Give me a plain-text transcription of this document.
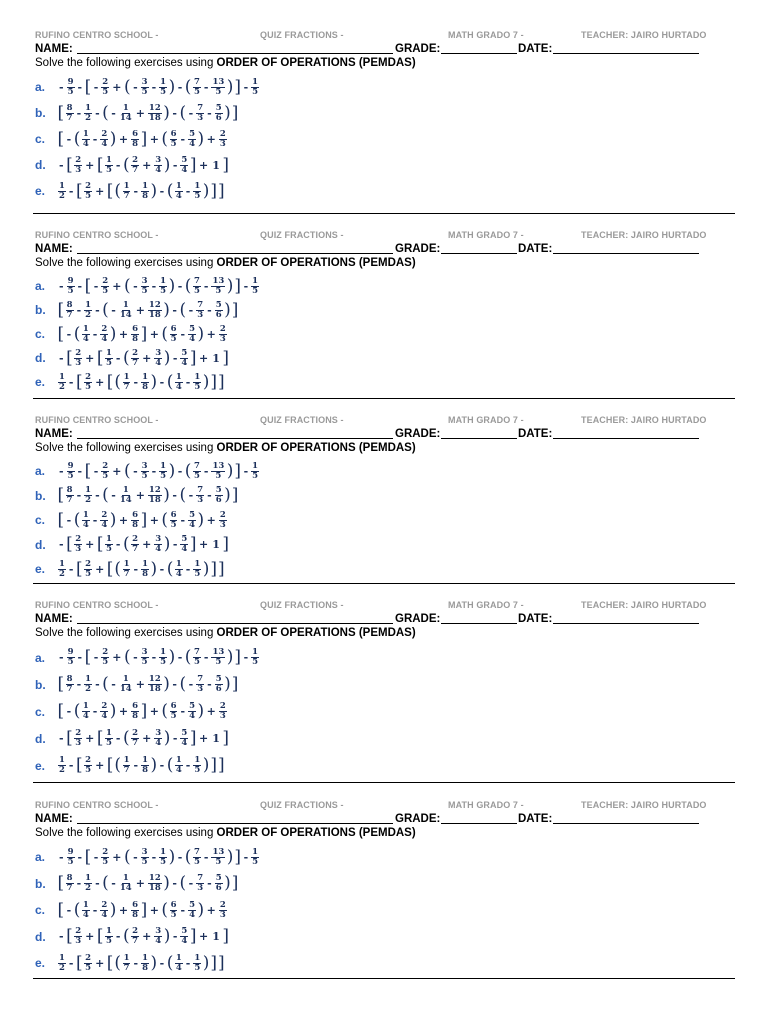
RUFINO CENTRO SCHOOL -	QUIZ FRACTIONS -	MATH GRADO 7 -	TEACHER: JAIRO HURTADO
NAME:	GRADE:	DATE:
Solve the following exercises using ORDER OF OPERATIONS (PEMDAS)
a.	- $\frac{9}{5}$ - [ - $\frac{2}{5}$ + ( - $\frac{3}{5} - \frac{1}{5}$ ) - ( $\frac{7}{5} - \frac{13}{5}$ ) ] - $\frac{1}{5}$
b. [ $\frac{8}{7} - \frac{1}{2}$ - ( - $\frac{1}{14} + \frac{12}{18}$ ) - ( - $\frac{7}{3} - \frac{5}{6}$ ) ]
c. [ - ( $\frac{1}{4} - \frac{2}{4}$ ) + $\frac{6}{8}$ ] + ( $\frac{6}{5} - \frac{5}{4}$ ) + $\frac{2}{3}$
d.	- [ $\frac{2}{3}$ + [ $\frac{1}{5}$ - ( $\frac{2}{7} + \frac{3}{4}$ ) - $\frac{5}{4}$ ] + 1 ]
e.	$\frac{1}{2}$ - [ $\frac{2}{5}$ + [ ( $\frac{1}{7} - \frac{1}{8}$ ) - ( $\frac{1}{4} - \frac{1}{5}$ ) ] ]
RUFINO CENTRO SCHOOL -	QUIZ FRACTIONS -	MATH GRADO 7 -	TEACHER: JAIRO HURTADO
NAME:	GRADE:	DATE:
Solve the following exercises using ORDER OF OPERATIONS (PEMDAS)
a.	- $\frac{9}{5}$ - [ - $\frac{2}{5}$ + ( - $\frac{3}{5} - \frac{1}{5}$ ) - ( $\frac{7}{5} - \frac{13}{5}$ ) ] - $\frac{1}{5}$
b. [ $\frac{8}{7} - \frac{1}{2}$ - ( - $\frac{1}{14} + \frac{12}{18}$ ) - ( - $\frac{7}{3} - \frac{5}{6}$ ) ]
c. [ - ( $\frac{1}{4} - \frac{2}{4}$ ) + $\frac{6}{8}$ ] + ( $\frac{6}{5} - \frac{5}{4}$ ) + $\frac{2}{3}$
d.	- [ $\frac{2}{3}$ + [ $\frac{1}{5}$ - ( $\frac{2}{7} + \frac{3}{4}$ ) - $\frac{5}{4}$ ] + 1 ]
e.	$\frac{1}{2}$ - [ $\frac{2}{5}$ + [ ( $\frac{1}{7} - \frac{1}{8}$ ) - ( $\frac{1}{4} - \frac{1}{5}$ ) ] ]
RUFINO CENTRO SCHOOL -	QUIZ FRACTIONS -	MATH GRADO 7 -	TEACHER: JAIRO HURTADO
NAME:	GRADE:	DATE:
Solve the following exercises using ORDER OF OPERATIONS (PEMDAS)
a.	- $\frac{9}{5}$ - [ - $\frac{2}{5}$ + ( - $\frac{3}{5} - \frac{1}{5}$ ) - ( $\frac{7}{5} - \frac{13}{5}$ ) ] - $\frac{1}{5}$
b. [ $\frac{8}{7} - \frac{1}{2}$ - ( - $\frac{1}{14} + \frac{12}{18}$ ) - ( - $\frac{7}{3} - \frac{5}{6}$ ) ]
c. [ - ( $\frac{1}{4} - \frac{2}{4}$ ) + $\frac{6}{8}$ ] + ( $\frac{6}{5} - \frac{5}{4}$ ) + $\frac{2}{3}$
d.	- [ $\frac{2}{3}$ + [ $\frac{1}{5}$ - ( $\frac{2}{7} + \frac{3}{4}$ ) - $\frac{5}{4}$ ] + 1 ]
e.	$\frac{1}{2}$ - [ $\frac{2}{5}$ + [ ( $\frac{1}{7} - \frac{1}{8}$ ) - ( $\frac{1}{4} - \frac{1}{5}$ ) ] ]
RUFINO CENTRO SCHOOL -	QUIZ FRACTIONS -	MATH GRADO 7 -	TEACHER: JAIRO HURTADO
NAME:	GRADE:	DATE:
Solve the following exercises using ORDER OF OPERATIONS (PEMDAS)
a.	- $\frac{9}{5}$ - [ - $\frac{2}{5}$ + ( - $\frac{3}{5} - \frac{1}{5}$ ) - ( $\frac{7}{5} - \frac{13}{5}$ ) ] - $\frac{1}{5}$
b. [ $\frac{8}{7} - \frac{1}{2}$ - ( - $\frac{1}{14} + \frac{12}{18}$ ) - ( - $\frac{7}{3} - \frac{5}{6}$ ) ]
c. [ - ( $\frac{1}{4} - \frac{2}{4}$ ) + $\frac{6}{8}$ ] + ( $\frac{6}{5} - \frac{5}{4}$ ) + $\frac{2}{3}$
d.	- [ $\frac{2}{3}$ + [ $\frac{1}{5}$ - ( $\frac{2}{7} + \frac{3}{4}$ ) - $\frac{5}{4}$ ] + 1 ]
e.	$\frac{1}{2}$ - [ $\frac{2}{5}$ + [ ( $\frac{1}{7} - \frac{1}{8}$ ) - ( $\frac{1}{4} - \frac{1}{5}$ ) ] ]
RUFINO CENTRO SCHOOL -	QUIZ FRACTIONS -	MATH GRADO 7 -	TEACHER: JAIRO HURTADO
NAME:	GRADE:	DATE:
Solve the following exercises using ORDER OF OPERATIONS (PEMDAS)
a.	- $\frac{9}{5}$ - [ - $\frac{2}{5}$ + ( - $\frac{3}{5} - \frac{1}{5}$ ) - ( $\frac{7}{5} - \frac{13}{5}$ ) ] - $\frac{1}{5}$
b. [ $\frac{8}{7} - \frac{1}{2}$ - ( - $\frac{1}{14} + \frac{12}{18}$ ) - ( - $\frac{7}{3} - \frac{5}{6}$ ) ]
c. [ - ( $\frac{1}{4} - \frac{2}{4}$ ) + $\frac{6}{8}$ ] + ( $\frac{6}{5} - \frac{5}{4}$ ) + $\frac{2}{3}$
d.	- [ $\frac{2}{3}$ + [ $\frac{1}{5}$ - ( $\frac{2}{7} + \frac{3}{4}$ ) - $\frac{5}{4}$ ] + 1 ]
e.	$\frac{1}{2}$ - [ $\frac{2}{5}$ + [ ( $\frac{1}{7} - \frac{1}{8}$ ) - ( $\frac{1}{4} - \frac{1}{5}$ ) ] ]
